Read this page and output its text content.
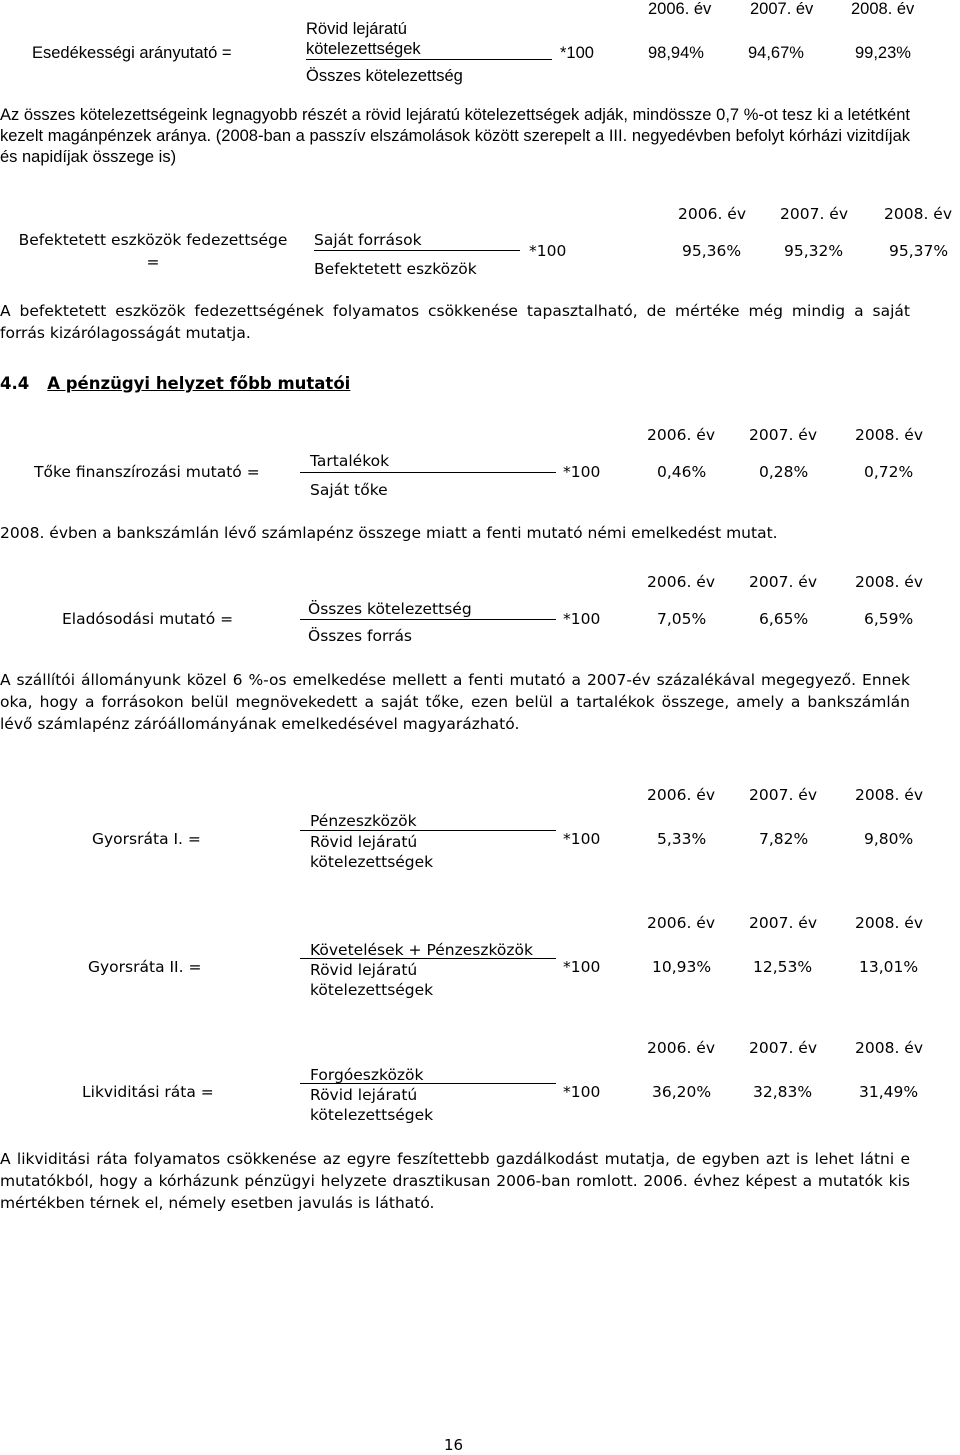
Esedékességi arányutató =
Rövid lejáratú
kötelezettségek
Összes kötelezettség
*100
2006. év 2007. év 2008. év
98,94%	94,67%	99,23%
Az összes kötelezettségeink legnagyobb részét a rövid lejáratú kötelezettségek adják, mindössze 0,7 %-ot tesz ki a letétként kezelt magánpénzek aránya. (2008-ban a passzív elszámolások között szerepelt a III. negyedévben befolyt kórházi vizitdíjak és napidíjak összege is)
Befektetett eszközök fedezettsége
=
Saját források
Befektetett eszközök
*100
2006. év 2007. év 2008. év
95,36%	95,32%	95,37%
A befektetett eszközök fedezettségének folyamatos csökkenése tapasztalható, de mértéke még mindig a saját forrás kizárólagosságát mutatja.
4.4 A pénzügyi helyzet főbb mutatói
Tőke finanszírozási mutató =
Tartalékok
Saját tőke
*100
2006. év 2007. év 2008. év
0,46%	0,28%	0,72%
2008. évben a bankszámlán lévő számlapénz összege miatt a fenti mutató némi emelkedést mutat.
Eladósodási mutató =
Összes kötelezettség
Összes forrás
*100
2006. év 2007. év 2008. év
7,05%	6,65%	6,59%
A szállítói állományunk közel 6 %-os emelkedése mellett a fenti mutató a 2007-év százalékával megegyező. Ennek oka, hogy a forrásokon belül megnövekedett a saját tőke, ezen belül a tartalékok összege, amely a bankszámlán lévő számlapénz záróállományának emelkedésével magyarázható.
Gyorsráta I. =
Pénzeszközök
Rövid lejáratú
kötelezettségek
*100
2006. év 2007. év 2008. év
5,33%	7,82%	9,80%
Gyorsráta II. =
Követelések + Pénzeszközök
Rövid lejáratú
kötelezettségek
*100
2006. év 2007. év 2008. év
10,93%	12,53%	13,01%
Likviditási ráta =
Forgóeszközök
Rövid lejáratú
kötelezettségek
*100
2006. év 2007. év 2008. év
36,20%	32,83%	31,49%
A likviditási ráta folyamatos csökkenése az egyre feszítettebb gazdálkodást mutatja, de egyben azt is lehet látni e mutatókból, hogy a kórházunk pénzügyi helyzete drasztikusan 2006-ban romlott. 2006. évhez képest a mutatók kis mértékben térnek el, némely esetben javulás is látható.
16
